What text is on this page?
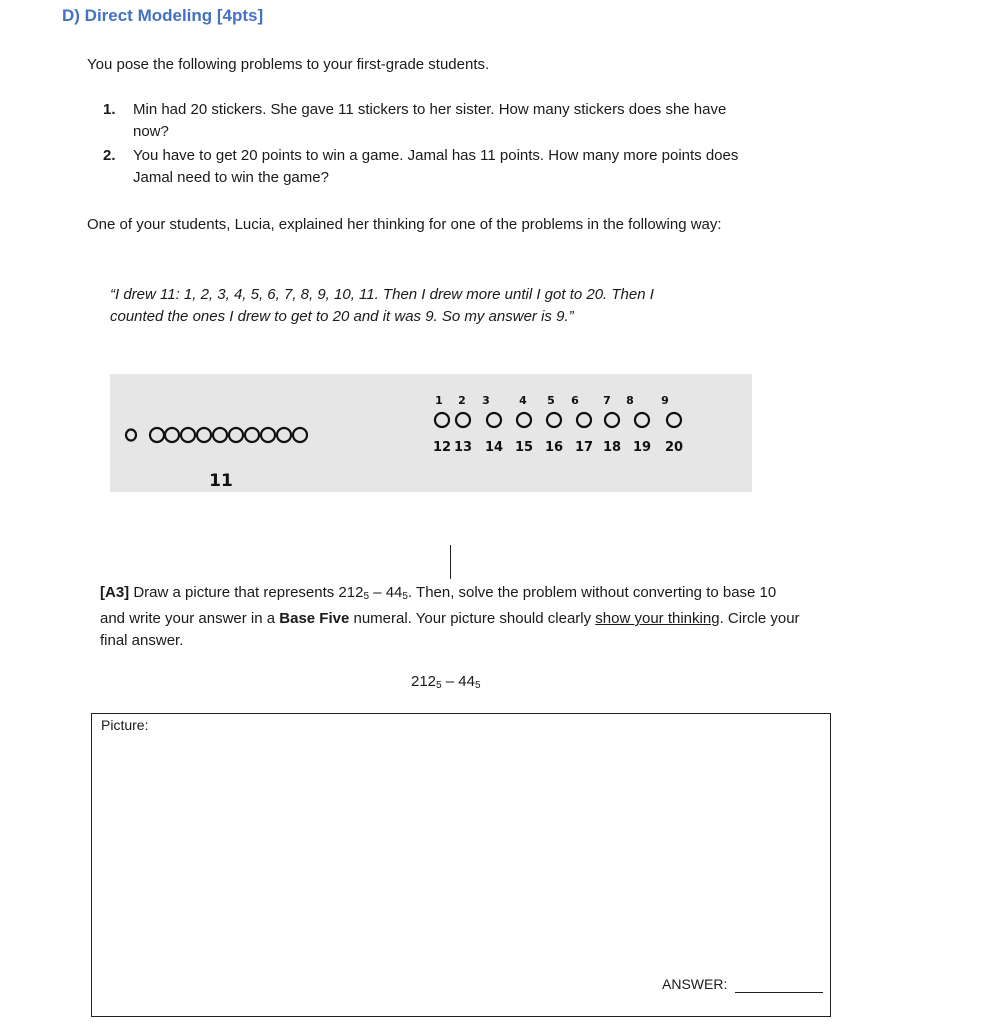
D) Direct Modeling [4pts]
You pose the following problems to your first-grade students.
1.	Min had 20 stickers. She gave 11 stickers to her sister. How many stickers does she have now?
2.	You have to get 20 points to win a game. Jamal has 11 points. How many more points does Jamal need to win the game?
One of your students, Lucia, explained her thinking for one of the problems in the following way:
“I drew 11: 1, 2, 3, 4, 5, 6, 7, 8, 9, 10, 11. Then I drew more until I got to 20. Then I counted the ones I drew to get to 20 and it was 9. So my answer is 9.”
11
1
12
2
13
3
14
4
15
5
16
6
17
7
18
8
19
9
20
[A3] Draw a picture that represents $212_5 - 44_5$. Then, solve the problem without converting to base 10 and write your answer in a Base Five numeral. Your picture should clearly show your thinking. Circle your final answer.
$212_5 - 44_5$
Picture:
ANSWER:
